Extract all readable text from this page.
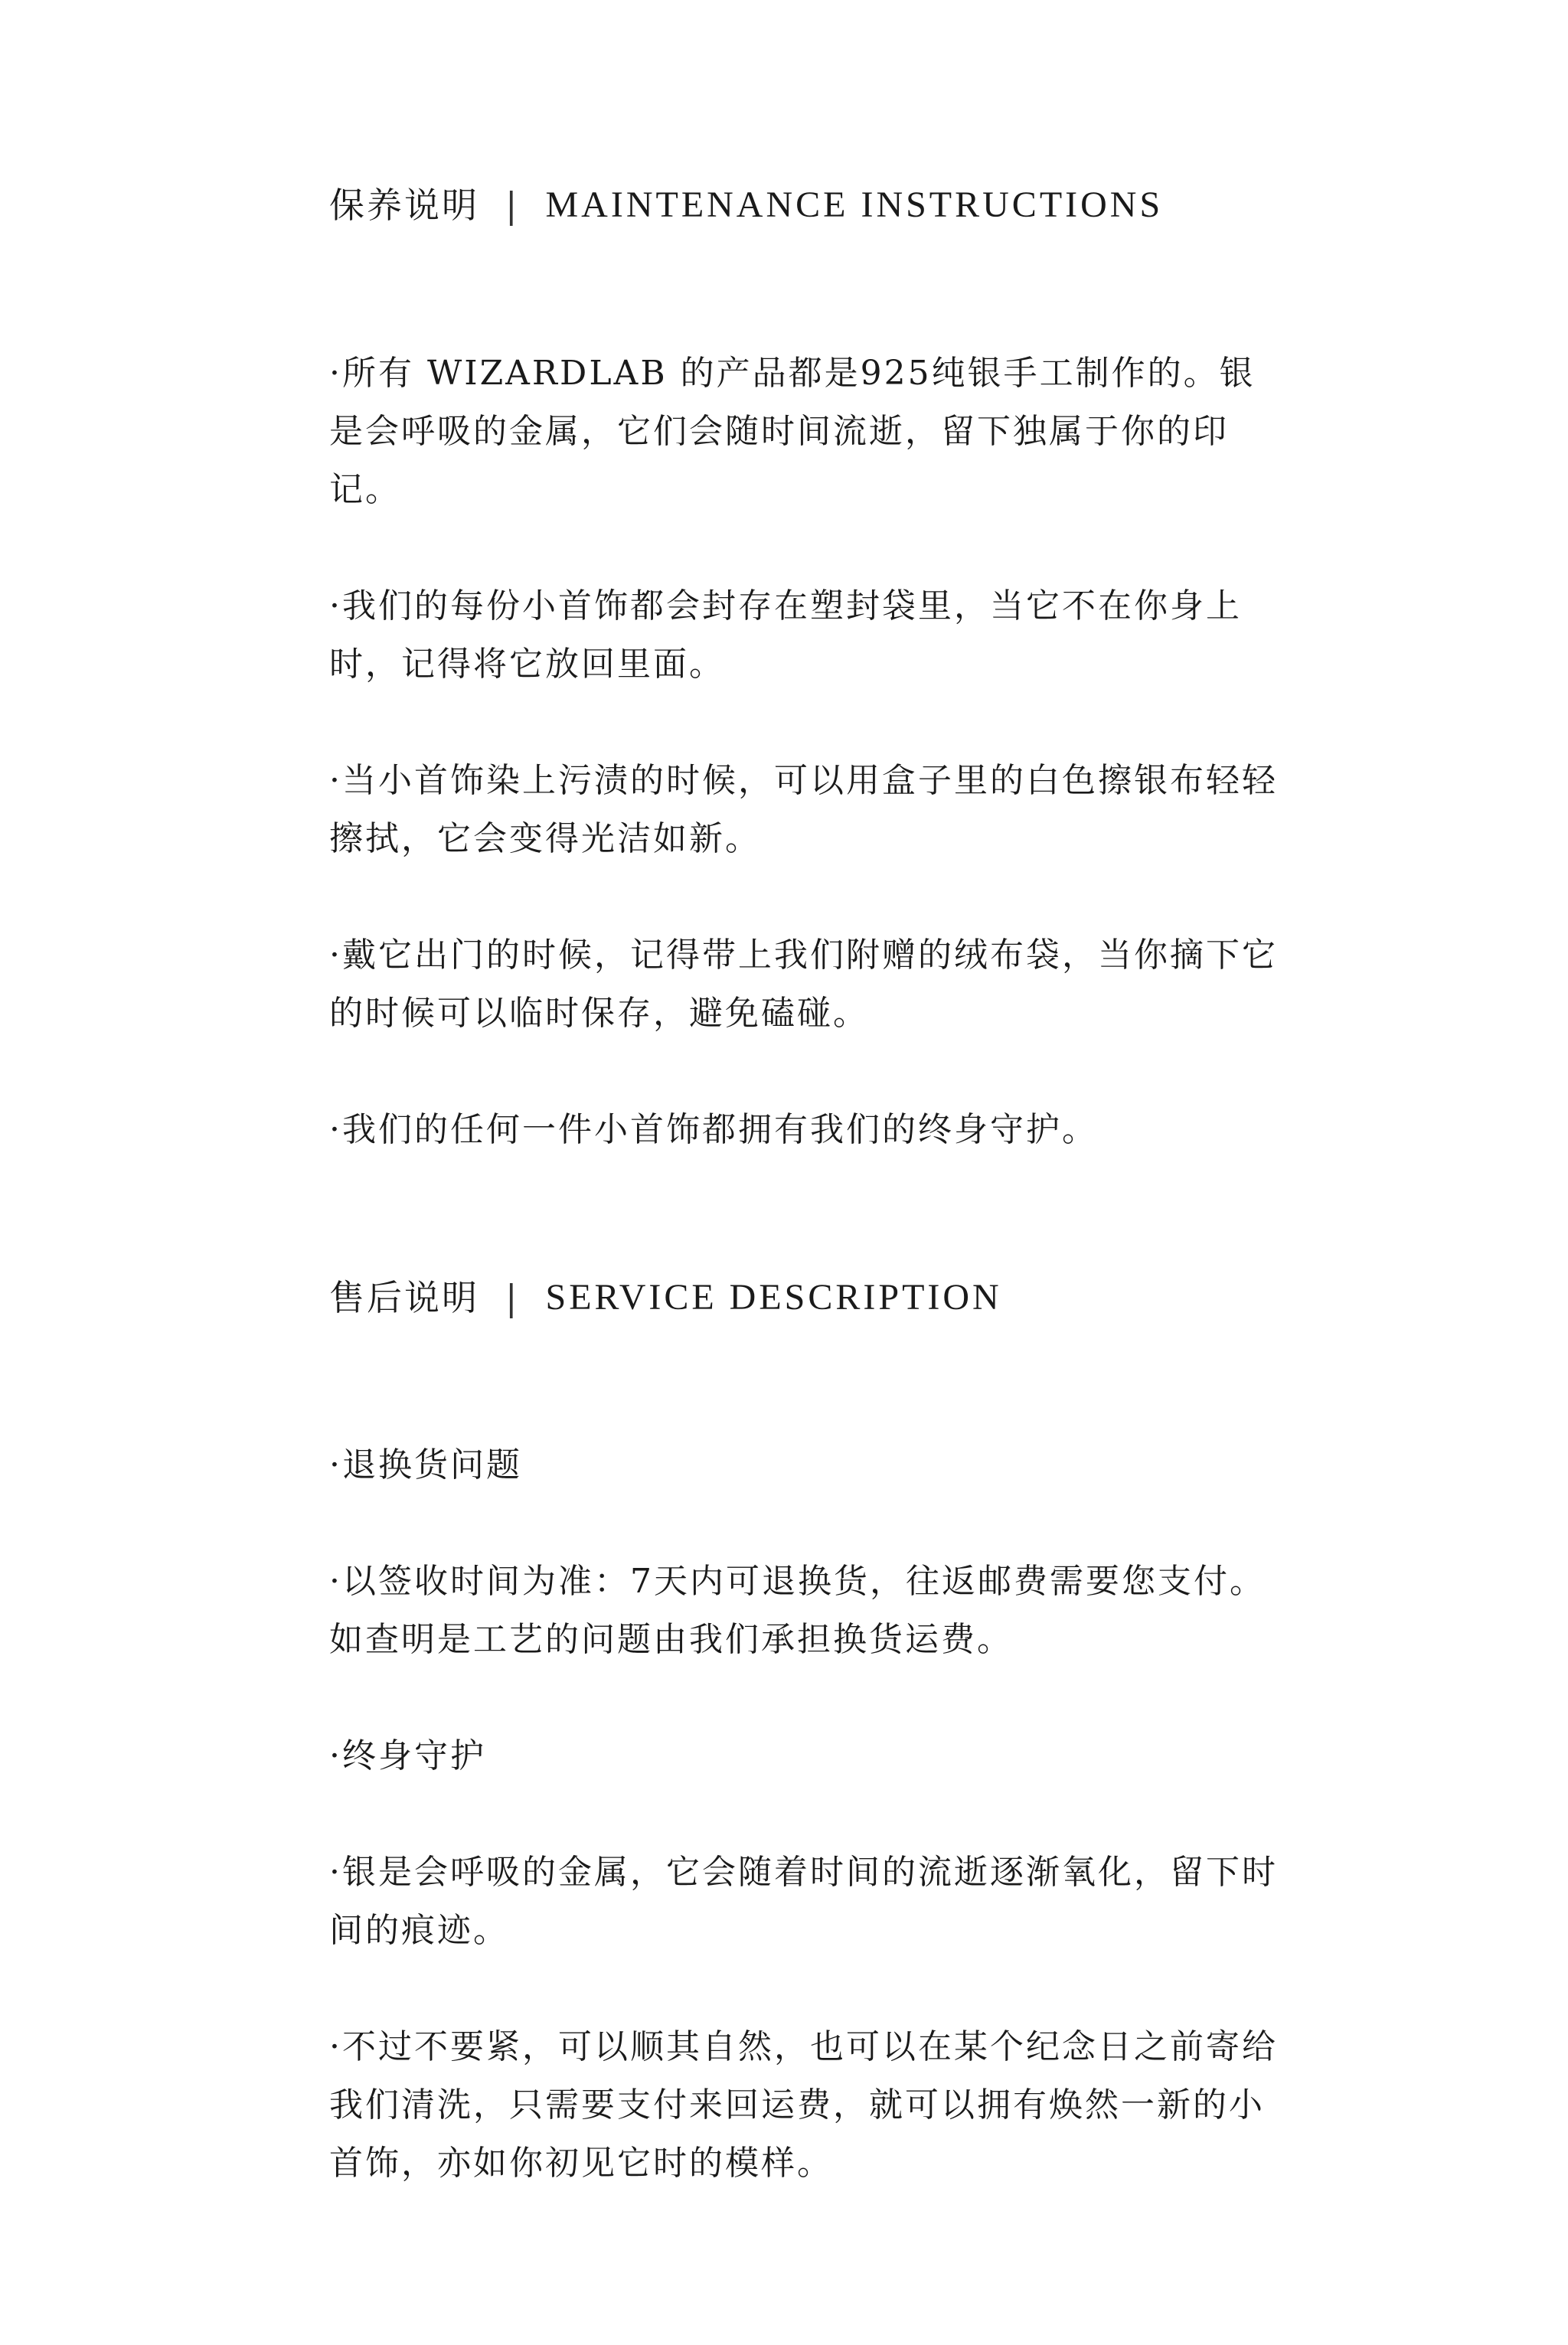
保养说明 | MAINTENANCE INSTRUCTIONS

·所有 WIZARDLAB 的产品都是925纯银手工制作的。银是会呼吸的金属，它们会随时间流逝，留下独属于你的印记。

·我们的每份小首饰都会封存在塑封袋里，当它不在你身上时，记得将它放回里面。

·当小首饰染上污渍的时候，可以用盒子里的白色擦银布轻轻擦拭，它会变得光洁如新。

·戴它出门的时候，记得带上我们附赠的绒布袋，当你摘下它的时候可以临时保存，避免磕碰。

·我们的任何一件小首饰都拥有我们的终身守护。

售后说明 | SERVICE DESCRIPTION

·退换货问题

·以签收时间为准：7天内可退换货，往返邮费需要您支付。如查明是工艺的问题由我们承担换货运费。

·终身守护

·银是会呼吸的金属，它会随着时间的流逝逐渐氧化，留下时间的痕迹。

·不过不要紧，可以顺其自然，也可以在某个纪念日之前寄给我们清洗，只需要支付来回运费，就可以拥有焕然一新的小首饰，亦如你初见它时的模样。
